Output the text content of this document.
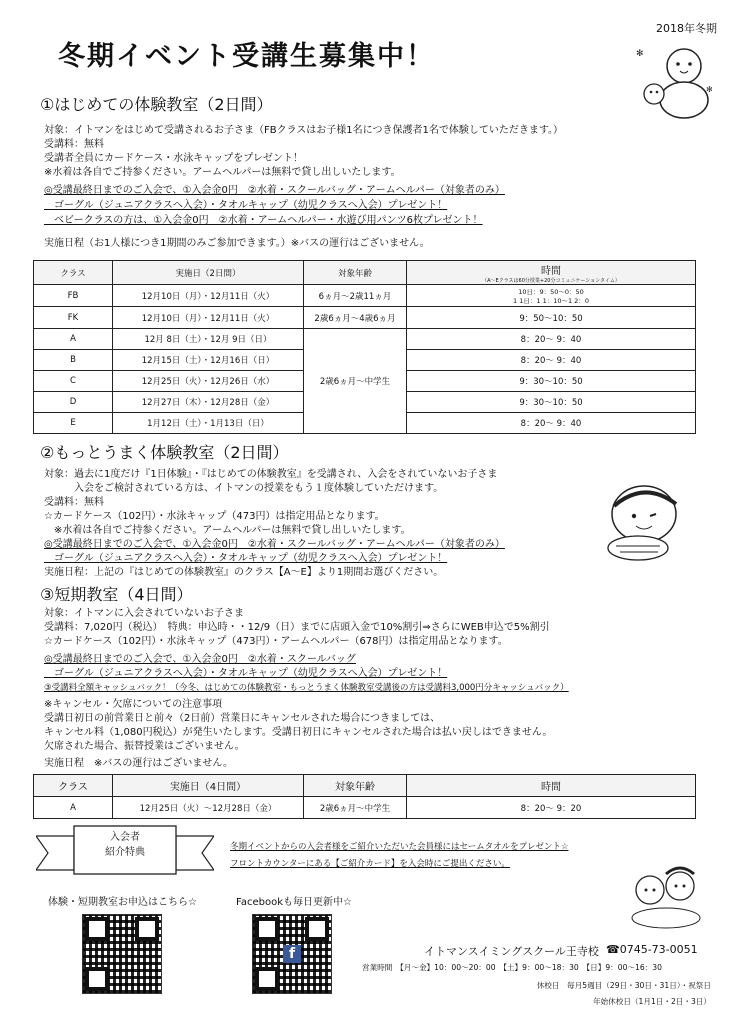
2018年冬期
冬期イベント受講生募集中！	✻
✻
①はじめての体験教室（2日間）
対象：イトマンをはじめて受講されるお子さま（FBクラスはお子様1名につき保護者1名で体験していただきます。）
受講料：無料
受講者全員にカードケース・水泳キャップをプレゼント！
※水着は各自でご持参ください。アームヘルパーは無料で貸し出しいたします。
◎受講最終日までのご入会で、①入会金0円　②水着・スクールバッグ・アームヘルパー（対象者のみ）
　ゴーグル（ジュニアクラスへ入会）・タオルキャップ（幼児クラスへ入会）プレゼント！
　ベビークラスの方は、①入会金0円　②水着・アームヘルパー・水遊び用パンツ6枚プレゼント！
実施日程（お1人様につき1期間のみご参加できます。）※バスの運行はございません。
クラス	実施日（2日間）	対象年齢	時間
（A～Eクラスは60分授業+20分コミュニケーションタイム）

FB	12月10日（月）・12月11日（火）	6ヵ月～2歳11ヵ月	10日：9：50～0：50
1 1日：1 1：10～1 2：0

FK	12月10日（月）・12月11日（火）	2歳6ヵ月～4歳6ヵ月	9：50～10：50
A	12月 8日（土）・12月 9日（日）	2歳6ヵ月～中学生	8：20～ 9：40
B	12月15日（土）・12月16日（日）		8：20～ 9：40
C	12月25日（火）・12月26日（水）		9：30～10：50
D	12月27日（木）・12月28日（金）		9：30～10：50
E	1月12日（土）・1月13日（日）		8：20～ 9：40
②もっとうまく体験教室（2日間）
対象：過去に1度だけ『1日体験』・『はじめての体験教室』を受講され、入会をされていないお子さま
　　　入会をご検討されている方は、イトマンの授業をもう１度体験していただけます。
受講料：無料
☆カードケース（102円）・水泳キャップ（473円）は指定用品となります。
　※水着は各自でご持参ください。アームヘルパーは無料で貸し出しいたします。
◎受講最終日までのご入会で、①入会金0円　②水着・スクールバッグ・アームヘルパー（対象者のみ）
　ゴーグル（ジュニアクラスへ入会）・タオルキャップ（幼児クラスへ入会）プレゼント！
実施日程：上記の『はじめての体験教室』のクラス【A～E】より1期間お選びください。
③短期教室（4日間）
対象：イトマンに入会されていないお子さま
受講料：7,020円（税込）　特典：申込時・・12/9（日）までに店頭入金で10%割引⇒さらにWEB申込で5%割引
☆カードケース（102円）・水泳キャップ（473円）・アームヘルパー（678円）は指定用品となります。
◎受講最終日までのご入会で、①入会金0円　②水着・スクールバッグ
　ゴーグル（ジュニアクラスへ入会）・タオルキャップ（幼児クラスへ入会）プレゼント！
③受講料全額キャッシュバック！（今冬、はじめての体験教室・もっとうまく体験教室受講後の方は受講料3,000円分キャッシュバック）
※キャンセル・欠席についての注意事項
受講日初日の前営業日と前々（2日前）営業日にキャンセルされた場合につきましては、
キャンセル料（1,080円税込）が発生いたします。受講日初日にキャンセルされた場合は払い戻しはできません。
欠席された場合、振替授業はございません。
実施日程　※バスの運行はございません。
クラス	実施日（4日間）	対象年齢	時間
A	12月25日（火）～12月28日（金）	2歳6ヵ月～中学生	8：20～ 9：20
入会者
紹介特典	冬期イベントからの入会者様をご紹介いただいた会員様にはセームタオルをプレゼント☆
フロントカウンターにある【ご紹介カード】を入会時にご提出ください。
体験・短期教室お申込はこちら☆	Facebookも毎日更新中☆
f	イトマンスイミングスクール王寺校 ☎0745-73-0051
営業時間　【月～金】10：00～20：00　【土】9：00～18：30　【日】9：00～16：30
休校日　毎月5週目（29日・30日・31日）・祝祭日
年始休校日（1月1日・2日・3日）
